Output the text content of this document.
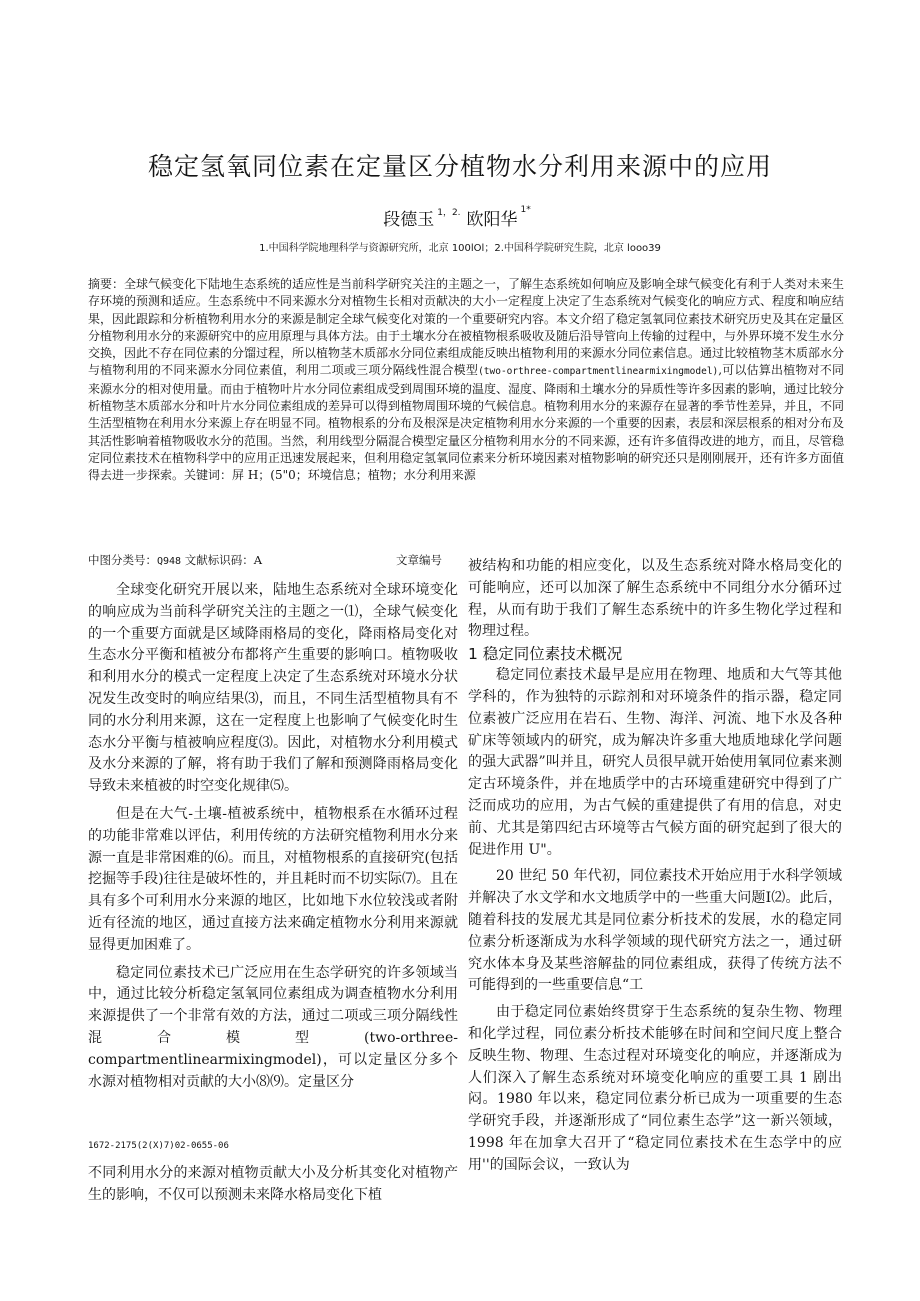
稳定氢氧同位素在定量区分植物水分利用来源中的应用
段德玉 $^{1,2.}$ 欧阳华 $^{1*}$
1.中国科学院地理科学与资源研究所，北京 100lOl；2.中国科学院研究生院，北京 looo39
摘要：全球气候变化下陆地生态系统的适应性是当前科学研究关注的主题之一，了解生态系统如何响应及影响全球气候变化有利于人类对未来生存环境的预测和适应。生态系统中不同来源水分对植物生长相对贡献决的大小一定程度上决定了生态系统对气候变化的响应方式、程度和响应结果，因此跟踪和分析植物利用水分的来源是制定全球气候变化对策的一个重要研究内容。本文介绍了稳定氢氧同位素技术研究历史及其在定量区分植物利用水分的来源研究中的应用原理与具体方法。由于土壤水分在被植物根系吸收及随后沿导管向上传输的过程中，与外界环境不发生水分交换，因此不存在同位素的分馏过程，所以植物茎木质部水分同位素组成能反映出植物利用的来源水分同位素信息。通过比较植物茎木质部水分与植物利用的不同来源水分同位素值，利用二项或三项分隔线性混合模型(two-orthree-compartmentlinearmixingmodel),可以估算出植物对不同来源水分的相对使用量。而由于植物叶片水分同位素组成受到周围环境的温度、湿度、降雨和土壤水分的异质性等许多因素的影响，通过比较分析植物茎木质部水分和叶片水分同位素组成的差异可以得到植物周围环境的气候信息。植物利用水分的来源存在显著的季节性差异，并且，不同生活型植物在利用水分来源上存在明显不同。植物根系的分布及根深是决定植物利用水分来源的一个重要的因素，表层和深层根系的相对分布及其活性影响着植物吸收水分的范围。当然，利用线型分隔混合模型定量区分植物利用水分的不同来源，还有许多值得改进的地方，而且，尽管稳定同位素技术在植物科学中的应用正迅速发展起来，但利用稳定氢氧同位素来分析环境因素对植物影响的研究还只是刚刚展开，还有许多方面值得去进一步探索。关键词：屏 H；(5"0；环境信息；植物；水分利用来源
中图分类号：Q948 文献标识码：A	文章编号

全球变化研究开展以来，陆地生态系统对全球环境变化的响应成为当前科学研究关注的主题之一⑴，全球气候变化的一个重要方面就是区域降雨格局的变化，降雨格局变化对生态水分平衡和植被分布都将产生重要的影响口。植物吸收和利用水分的模式一定程度上决定了生态系统对环境水分状况发生改变时的响应结果⑶，而且，不同生活型植物具有不同的水分利用来源，这在一定程度上也影响了气候变化时生态水分平衡与植被响应程度⑶。因此，对植物水分利用模式及水分来源的了解，将有助于我们了解和预测降雨格局变化导致未来植被的时空变化规律⑸。

但是在大气-土壤-植被系统中，植物根系在水循环过程的功能非常难以评估，利用传统的方法研究植物利用水分来源一直是非常困难的⑹。而且，对植物根系的直接研究(包括挖掘等手段)往往是破坏性的，并且耗时而不切实际⑺。且在具有多个可利用水分来源的地区，比如地下水位较浅或者附近有径流的地区，通过直接方法来确定植物水分利用来源就显得更加困难了。

稳定同位素技术已广泛应用在生态学研究的许多领域当中，通过比较分析稳定氢氧同位素组成为调查植物水分利用来源提供了一个非常有效的方法，通过二项或三项分隔线性混合模型(two-orthree-compartmentlinearmixingmodel)，可以定量区分多个水源对植物相对贡献的大小⑻⑼。定量区分

1672-2175(2(X)7)02-0655-06

不同利用水分的来源对植物贡献大小及分析其变化对植物产生的影响，不仅可以预测未来降水格局变化下植

被结构和功能的相应变化，以及生态系统对降水格局变化的可能响应，还可以加深了解生态系统中不同组分水分循环过程，从而有助于我们了解生态系统中的许多生物化学过程和物理过程。

1 稳定同位素技术概况

稳定同位素技术最早是应用在物理、地质和大气等其他学科的，作为独特的示踪剂和对环境条件的指示器，稳定同位素被广泛应用在岩石、生物、海洋、河流、地下水及各种矿床等领域内的研究，成为解决许多重大地质地球化学问题的强大武器”叫并且，研究人员很早就开始使用氧同位素来测定古环境条件，并在地质学中的古环境重建研究中得到了广泛而成功的应用，为古气候的重建提供了有用的信息，对史前、尤其是第四纪古环境等古气候方面的研究起到了很大的促进作用 U"。

20 世纪 50 年代初，同位素技术开始应用于水科学领域并解决了水文学和水文地质学中的一些重大问题I⑵。此后，随着科技的发展尤其是同位素分析技术的发展，水的稳定同位素分析逐渐成为水科学领域的现代研究方法之一，通过研究水体本身及某些溶解盐的同位素组成，获得了传统方法不可能得到的一些重要信息“工

由于稳定同位素始终贯穿于生态系统的复杂生物、物理和化学过程，同位素分析技术能够在时间和空间尺度上整合反映生物、物理、生态过程对环境变化的响应，并逐渐成为人们深入了解生态系统对环境变化响应的重要工具 1 剧出闷。1980 年以来，稳定同位素分析已成为一项重要的生态学研究手段，并逐渐形成了“同位素生态学”这一新兴领域，1998 年在加拿大召开了“稳定同位素技术在生态学中的应用''的国际会议，一致认为
